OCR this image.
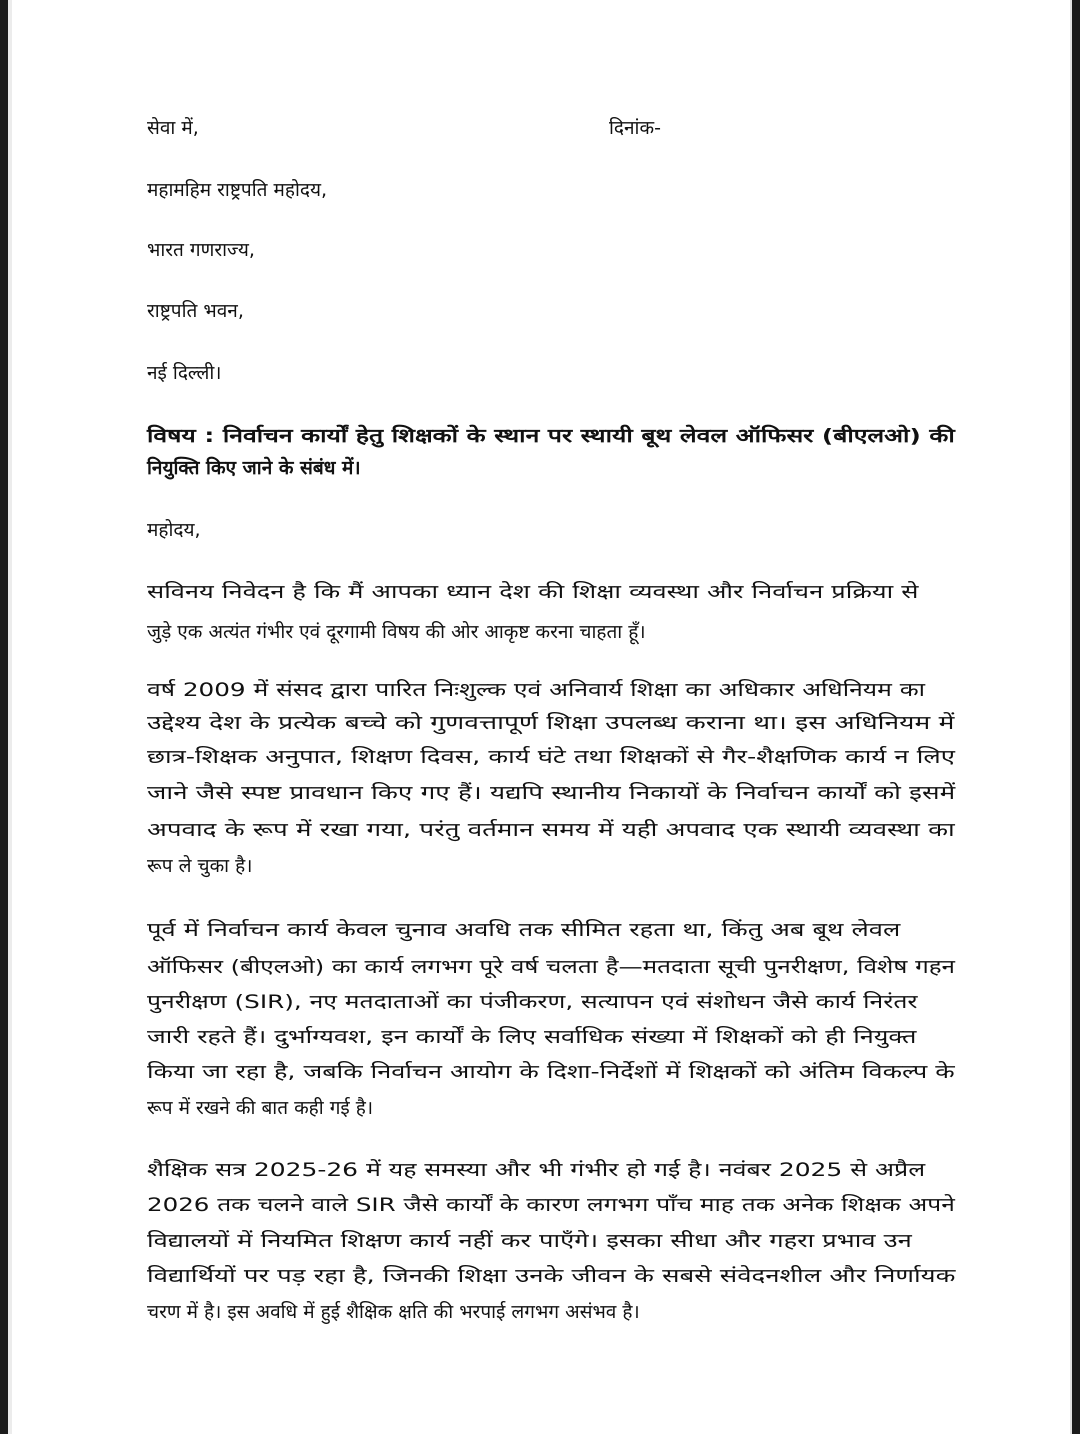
सेवा में,	दिनांक-
महामहिम राष्ट्रपति महोदय,
भारत गणराज्य,
राष्ट्रपति भवन,
नई दिल्ली।
विषय : निर्वाचन कार्यों हेतु शिक्षकों के स्थान पर स्थायी बूथ लेवल ऑफिसर (बीएलओ) की
नियुक्ति किए जाने के संबंध में।
महोदय,
सविनय निवेदन है कि मैं आपका ध्यान देश की शिक्षा व्यवस्था और निर्वाचन प्रक्रिया से
जुड़े एक अत्यंत गंभीर एवं दूरगामी विषय की ओर आकृष्ट करना चाहता हूँ।
वर्ष 2009 में संसद द्वारा पारित निःशुल्क एवं अनिवार्य शिक्षा का अधिकार अधिनियम का
उद्देश्य देश के प्रत्येक बच्चे को गुणवत्तापूर्ण शिक्षा उपलब्ध कराना था। इस अधिनियम में
छात्र-शिक्षक अनुपात, शिक्षण दिवस, कार्य घंटे तथा शिक्षकों से गैर-शैक्षणिक कार्य न लिए
जाने जैसे स्पष्ट प्रावधान किए गए हैं। यद्यपि स्थानीय निकायों के निर्वाचन कार्यों को इसमें
अपवाद के रूप में रखा गया, परंतु वर्तमान समय में यही अपवाद एक स्थायी व्यवस्था का
रूप ले चुका है।
पूर्व में निर्वाचन कार्य केवल चुनाव अवधि तक सीमित रहता था, किंतु अब बूथ लेवल
ऑफिसर (बीएलओ) का कार्य लगभग पूरे वर्ष चलता है—मतदाता सूची पुनरीक्षण, विशेष गहन
पुनरीक्षण (SIR), नए मतदाताओं का पंजीकरण, सत्यापन एवं संशोधन जैसे कार्य निरंतर
जारी रहते हैं। दुर्भाग्यवश, इन कार्यों के लिए सर्वाधिक संख्या में शिक्षकों को ही नियुक्त
किया जा रहा है, जबकि निर्वाचन आयोग के दिशा-निर्देशों में शिक्षकों को अंतिम विकल्प के
रूप में रखने की बात कही गई है।
शैक्षिक सत्र 2025-26 में यह समस्या और भी गंभीर हो गई है। नवंबर 2025 से अप्रैल
2026 तक चलने वाले SIR जैसे कार्यों के कारण लगभग पाँच माह तक अनेक शिक्षक अपने
विद्यालयों में नियमित शिक्षण कार्य नहीं कर पाएँगे। इसका सीधा और गहरा प्रभाव उन
विद्यार्थियों पर पड़ रहा है, जिनकी शिक्षा उनके जीवन के सबसे संवेदनशील और निर्णायक
चरण में है। इस अवधि में हुई शैक्षिक क्षति की भरपाई लगभग असंभव है।
